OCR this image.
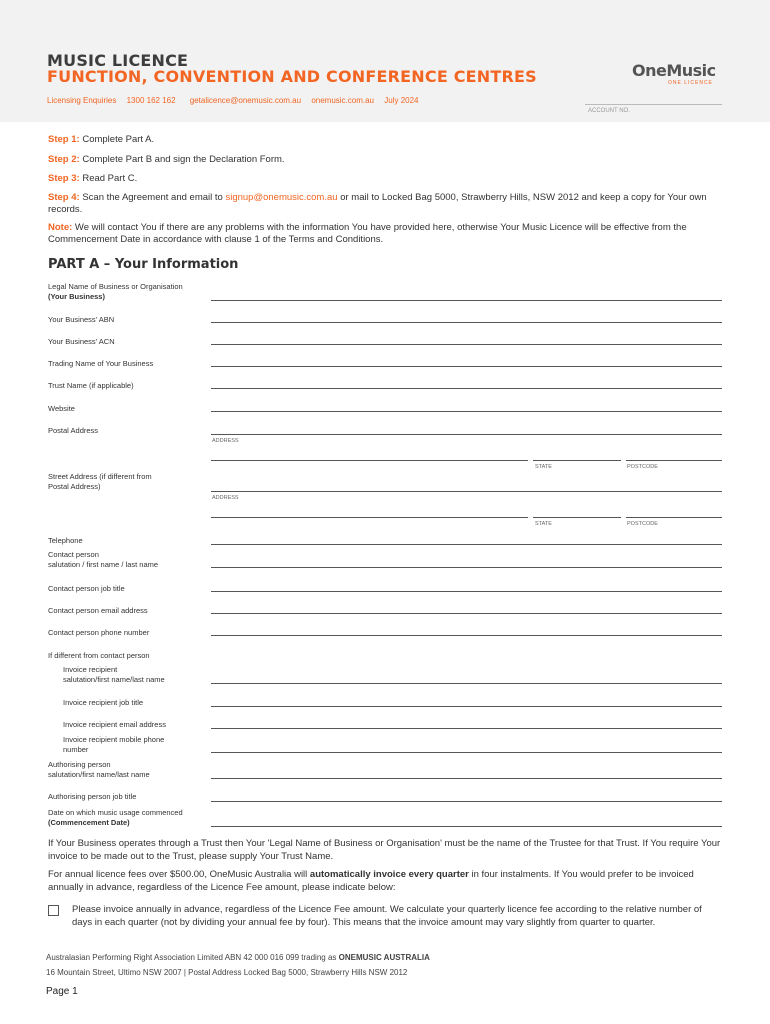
MUSIC LICENCE
FUNCTION, CONVENTION AND CONFERENCE CENTRES
Licensing Enquiries 1300 162 162 getalicence@onemusic.com.au onemusic.com.au July 2024
OneMusic
ONE LICENCE
ACCOUNT NO.
Step 1: Complete Part A.
Step 2: Complete Part B and sign the Declaration Form.
Step 3: Read Part C.
Step 4: Scan the Agreement and email to signup@onemusic.com.au or mail to Locked Bag 5000, Strawberry Hills, NSW 2012 and keep a copy for Your own records.
Note: We will contact You if there are any problems with the information You have provided here, otherwise Your Music Licence will be effective from the Commencement Date in accordance with clause 1 of the Terms and Conditions.
PART A – Your Information
Legal Name of Business or Organisation
(Your Business)
Your Business' ABN
Your Business' ACN
Trading Name of Your Business
Trust Name (if applicable)
Website
Postal Address
ADDRESS
STATE	POSTCODE
Street Address (if different from
Postal Address)
ADDRESS
STATE	POSTCODE
Telephone
Contact person
salutation / first name / last name
Contact person job title
Contact person email address
Contact person phone number
If different from contact person
Invoice recipient
salutation/first name/last name
Invoice recipient job title
Invoice recipient email address
Invoice recipient mobile phone
number
Authorising person
salutation/first name/last name
Authorising person job title
Date on which music usage commenced
(Commencement Date)
If Your Business operates through a Trust then Your 'Legal Name of Business or Organisation' must be the name of the Trustee for that Trust. If You require Your invoice to be made out to the Trust, please supply Your Trust Name.
For annual licence fees over $500.00, OneMusic Australia will automatically invoice every quarter in four instalments. If You would prefer to be invoiced annually in advance, regardless of the Licence Fee amount, please indicate below:
Please invoice annually in advance, regardless of the Licence Fee amount. We calculate your quarterly licence fee according to the relative number of days in each quarter (not by dividing your annual fee by four). This means that the invoice amount may vary slightly from quarter to quarter.
Australasian Performing Right Association Limited ABN 42 000 016 099 trading as ONEMUSIC AUSTRALIA
16 Mountain Street, Ultimo NSW 2007 | Postal Address Locked Bag 5000, Strawberry Hills NSW 2012
Page 1
